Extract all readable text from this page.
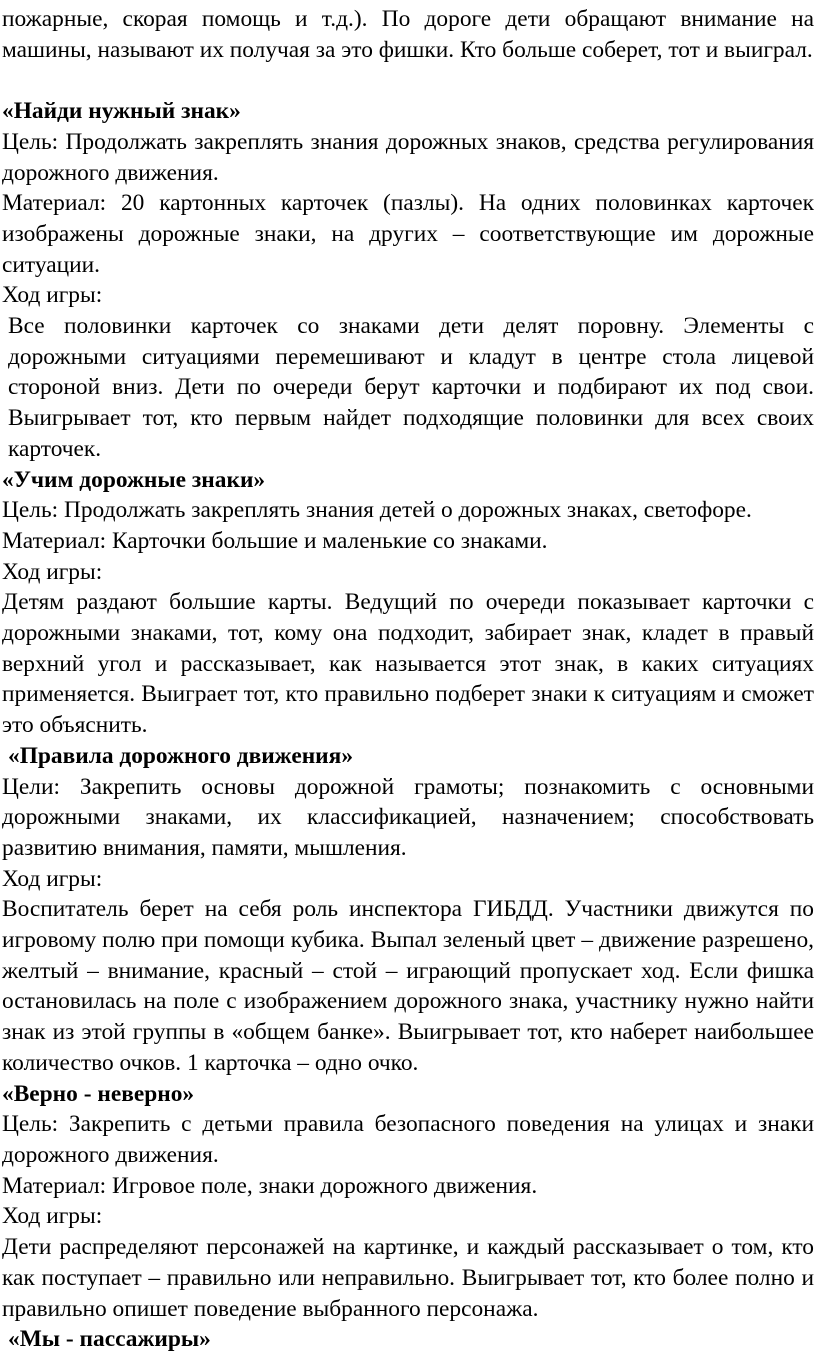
пожарные, скорая помощь и т.д.). По дороге дети обращают внимание на машины, называют их получая за это фишки. Кто больше соберет, тот и выиграл.

«Найди нужный знак»

Цель: Продолжать закреплять знания дорожных знаков, средства регулирования дорожного движения.

Материал: 20 картонных карточек (пазлы). На одних половинках карточек изображены дорожные знаки, на других – соответствующие им дорожные ситуации.

Ход игры:

Все половинки карточек со знаками дети делят поровну. Элементы с дорожными ситуациями перемешивают и кладут в центре стола лицевой стороной вниз. Дети по очереди берут карточки и подбирают их под свои. Выигрывает тот, кто первым найдет подходящие половинки для всех своих карточек.

«Учим дорожные знаки»

Цель: Продолжать закреплять знания детей о дорожных знаках, светофоре.

Материал: Карточки большие и маленькие со знаками.

Ход игры:

Детям раздают большие карты. Ведущий по очереди показывает карточки с дорожными знаками, тот, кому она подходит, забирает знак, кладет в правый верхний угол и рассказывает, как называется этот знак, в каких ситуациях применяется. Выиграет тот, кто правильно подберет знаки к ситуациям и сможет это объяснить.

«Правила дорожного движения»

Цели: Закрепить основы дорожной грамоты; познакомить с основными дорожными знаками, их классификацией, назначением; способствовать развитию внимания, памяти, мышления.

Ход игры:

Воспитатель берет на себя роль инспектора ГИБДД. Участники движутся по игровому полю при помощи кубика. Выпал зеленый цвет – движение разрешено, желтый – внимание, красный – стой – играющий пропускает ход. Если фишка остановилась на поле с изображением дорожного знака, участнику нужно найти знак из этой группы в «общем банке». Выигрывает тот, кто наберет наибольшее количество очков. 1 карточка – одно очко.

«Верно - неверно»

Цель: Закрепить с детьми правила безопасного поведения на улицах и знаки дорожного движения.

Материал: Игровое поле, знаки дорожного движения.

Ход игры:

Дети распределяют персонажей на картинке, и каждый рассказывает о том, кто как поступает – правильно или неправильно. Выигрывает тот, кто более полно и правильно опишет поведение выбранного персонажа.

«Мы - пассажиры»
